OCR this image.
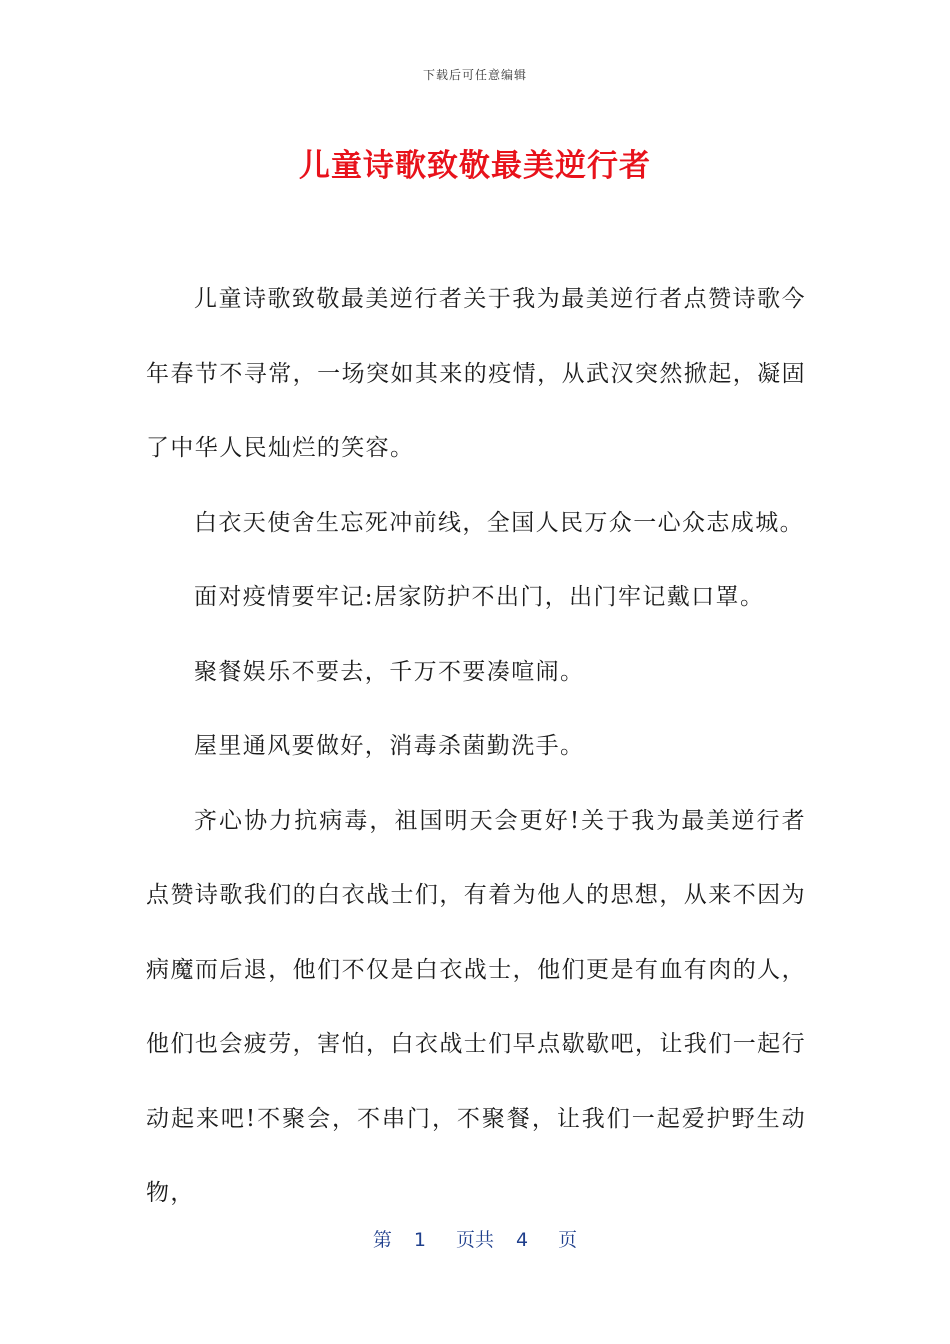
下载后可任意编辑
儿童诗歌致敬最美逆行者

儿童诗歌致敬最美逆行者关于我为最美逆行者点赞诗歌今年春节不寻常，一场突如其来的疫情，从武汉突然掀起，凝固了中华人民灿烂的笑容。

白衣天使舍生忘死冲前线，全国人民万众一心众志成城。

面对疫情要牢记:居家防护不出门，出门牢记戴口罩。

聚餐娱乐不要去，千万不要凑喧闹。

屋里通风要做好，消毒杀菌勤洗手。

齐心协力抗病毒，祖国明天会更好!关于我为最美逆行者点赞诗歌我们的白衣战士们，有着为他人的思想，从来不因为病魔而后退，他们不仅是白衣战士，他们更是有血有肉的人，他们也会疲劳，害怕，白衣战士们早点歇歇吧，让我们一起行动起来吧!不聚会，不串门，不聚餐，让我们一起爱护野生动物，

第 1 页共 4 页
